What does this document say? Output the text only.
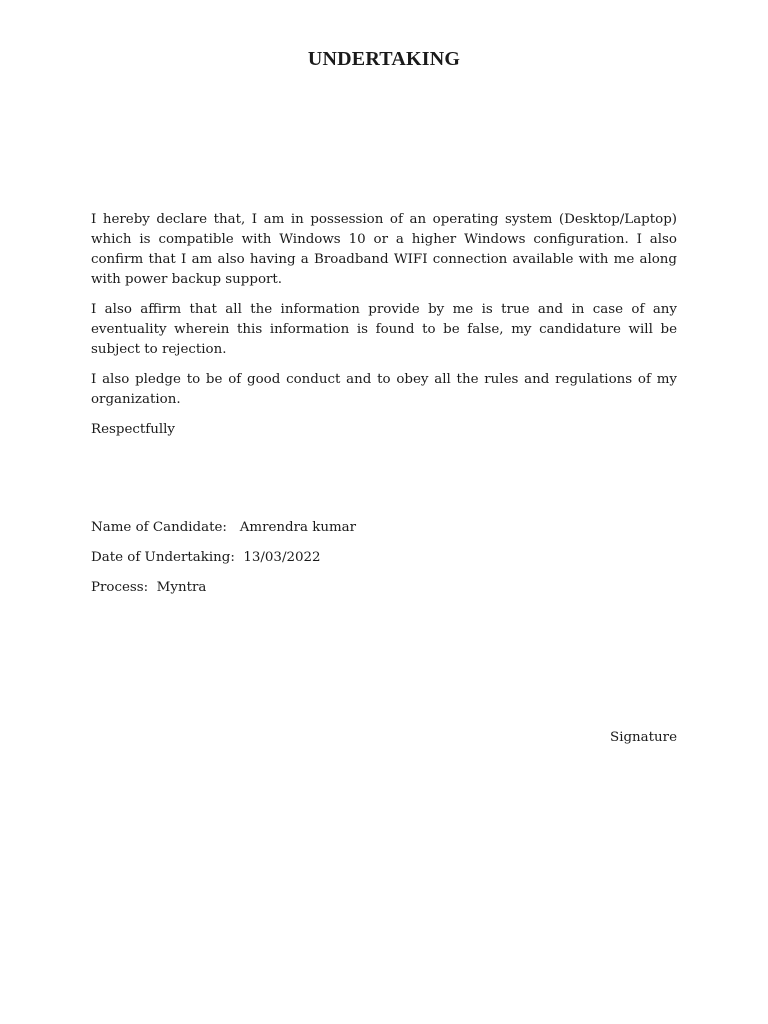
UNDERTAKING

I hereby declare that, I am in possession of an operating system (Desktop/Laptop) which is compatible with Windows 10 or a higher Windows configuration. I also confirm that I am also having a Broadband WIFI connection available with me along with power backup support.

I also affirm that all the information provide by me is true and in case of any eventuality wherein this information is found to be false, my candidature will be subject to rejection.

I also pledge to be of good conduct and to obey all the rules and regulations of my organization.

Respectfully

Name of Candidate: Amrendra kumar
Date of Undertaking: 13/03/2022
Process: Myntra
Signature
